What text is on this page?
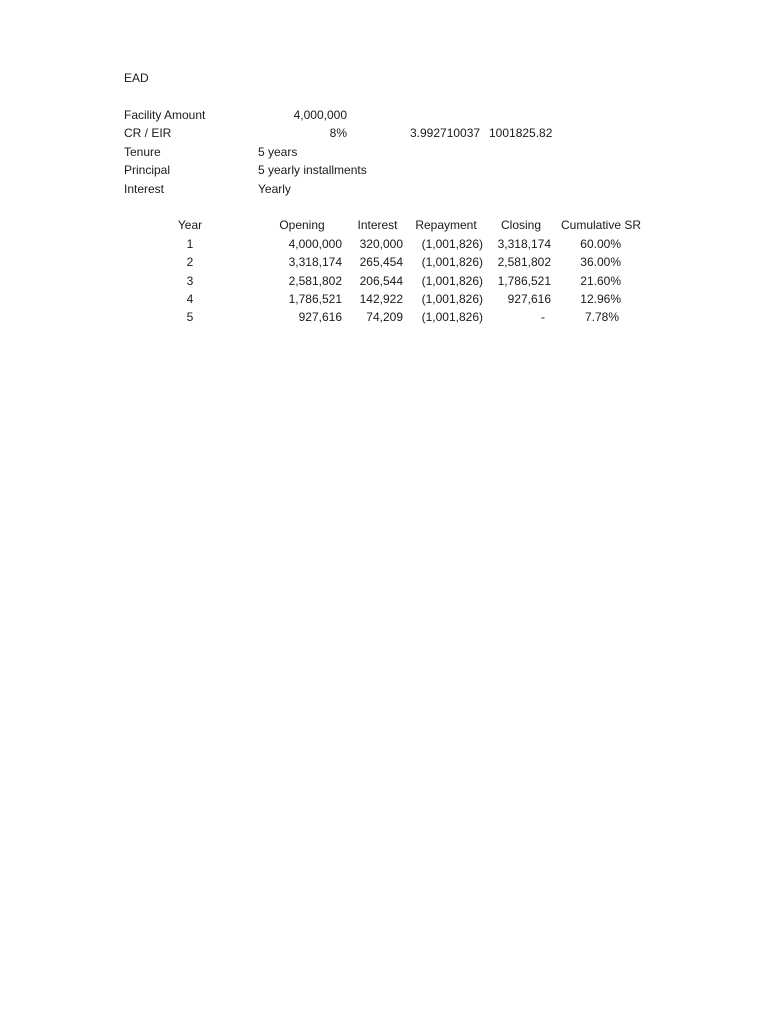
EAD
Facility Amount	4,000,000
CR / EIR	8%	3.992710037 1001825.82
Tenure	5 years
Principal	5 yearly installments
Interest	Yearly
Year	Opening	Interest	Repayment	Closing	Cumulative SR
1	4,000,000	320,000	(1,001,826)	3,318,174	60.00%
2	3,318,174	265,454	(1,001,826)	2,581,802	36.00%
3	2,581,802	206,544	(1,001,826)	1,786,521	21.60%
4	1,786,521	142,922	(1,001,826)	927,616	12.96%
5	927,616	74,209	(1,001,826)	-	7.78%
